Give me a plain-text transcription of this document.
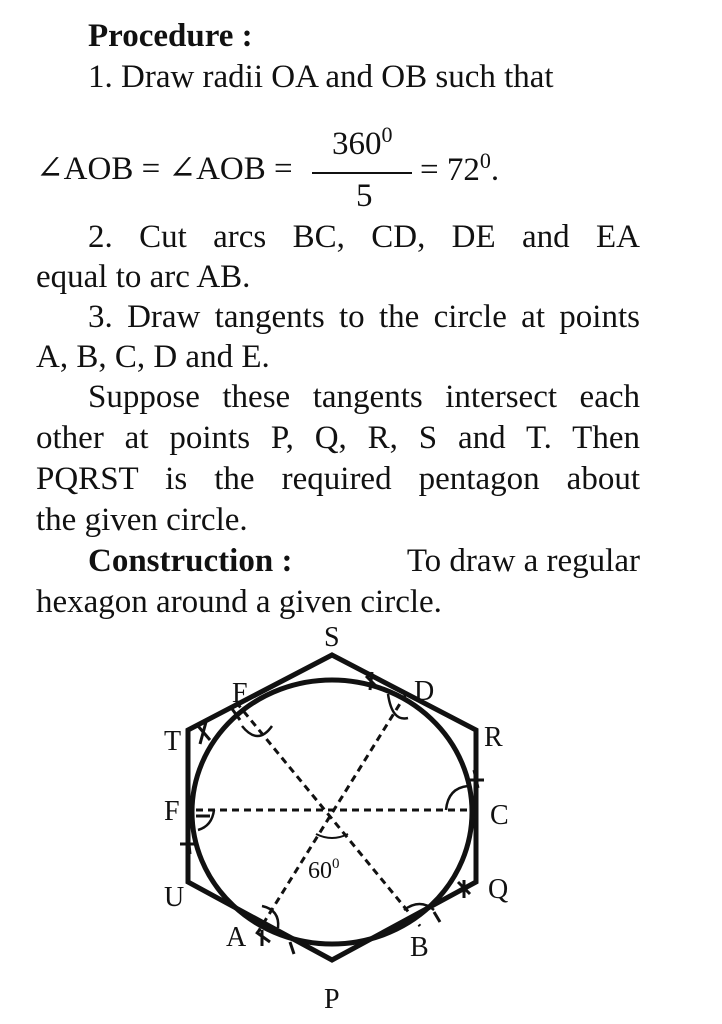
Procedure :
1. Draw radii OA and OB such that
∠AOB = ∠AOB =
$360^0$
5
= $72^0$.
2. Cut arcs BC, CD, DE and EA
equal to arc AB.
3. Draw tangents to the circle at points
A, B, C, D and E.
Suppose these tangents intersect each
other at points P, Q, R, S and T. Then
PQRST is the required pentagon about
the given circle.
Construction :	To draw a regular
hexagon around a given circle.
S
E	D
T	R
F	C
U	Q
A	B
P
$60^0$
